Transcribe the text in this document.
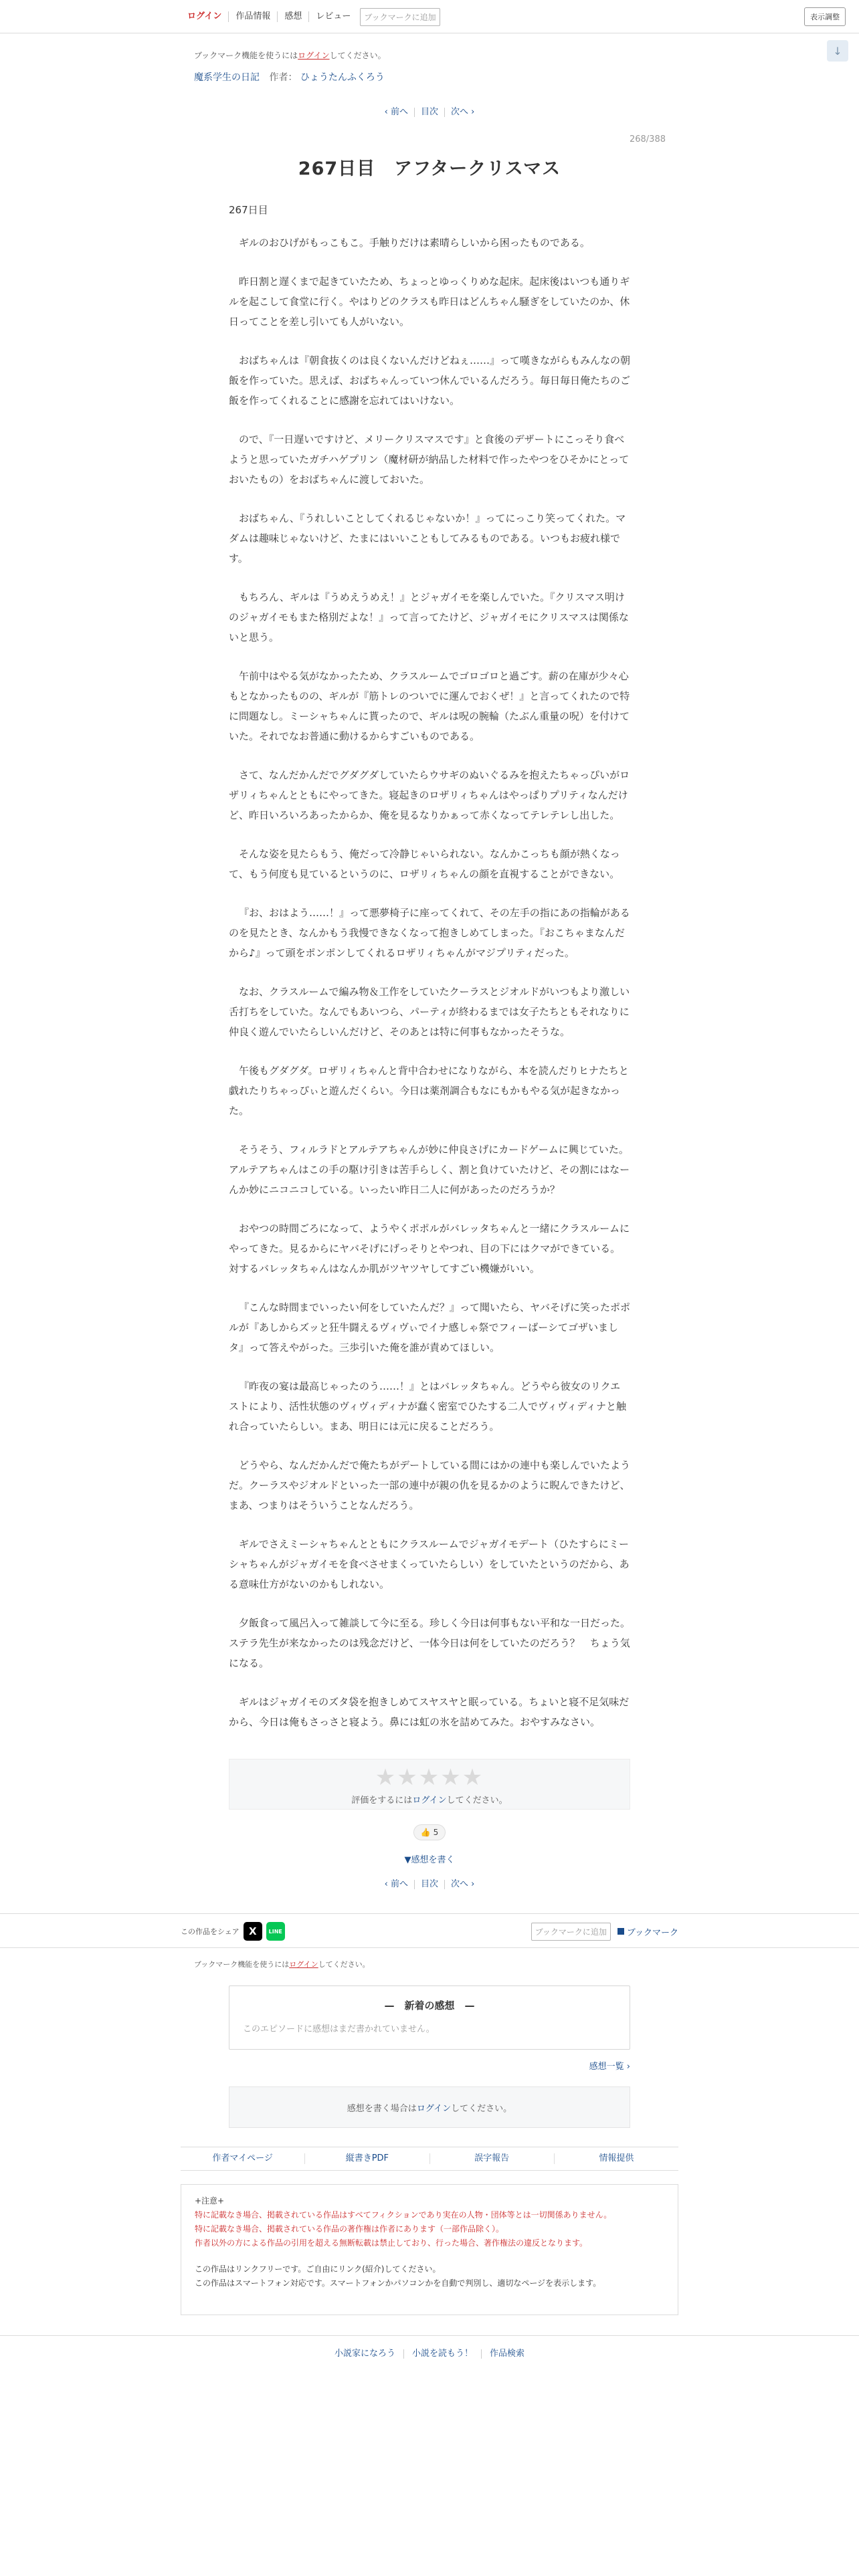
ログイン	作品情報	感想	レビュー	ブックマークに追加	表示調整
↓
ブックマーク機能を使うにはログインしてください。
魔系学生の日記 作者： ひょうたんふくろう
‹ 前へ	目次	次へ ›
268/388
267日目　アフタークリスマス
267日目

ギルのおひげがもっこもこ。手触りだけは素晴らしいから困ったものである。

昨日割と遅くまで起きていたため、ちょっとゆっくりめな起床。起床後はいつも通りギルを起こして食堂に行く。やはりどのクラスも昨日はどんちゃん騒ぎをしていたのか、休日ってことを差し引いても人がいない。

おばちゃんは『朝食抜くのは良くないんだけどねぇ……』って嘆きながらもみんなの朝飯を作っていた。思えば、おばちゃんっていつ休んでいるんだろう。毎日毎日俺たちのご飯を作ってくれることに感謝を忘れてはいけない。

ので、『一日遅いですけど、メリークリスマスです』と食後のデザートにこっそり食べようと思っていたガチハゲプリン（魔材研が納品した材料で作ったやつをひそかにとっておいたもの）をおばちゃんに渡しておいた。

おばちゃん、『うれしいことしてくれるじゃないか！』ってにっこり笑ってくれた。マダムは趣味じゃないけど、たまにはいいこともしてみるものである。いつもお疲れ様です。

もちろん、ギルは『うめえうめえ！』とジャガイモを楽しんでいた。『クリスマス明けのジャガイモもまた格別だよな！』って言ってたけど、ジャガイモにクリスマスは関係ないと思う。

午前中はやる気がなかったため、クラスルームでゴロゴロと過ごす。薪の在庫が少々心もとなかったものの、ギルが『筋トレのついでに運んでおくぜ！』と言ってくれたので特に問題なし。ミーシャちゃんに貰ったので、ギルは呪の腕輪（たぶん重量の呪）を付けていた。それでなお普通に動けるからすごいものである。

さて、なんだかんだでグダグダしていたらウサギのぬいぐるみを抱えたちゃっぴいがロザリィちゃんとともにやってきた。寝起きのロザリィちゃんはやっぱりプリティなんだけど、昨日いろいろあったからか、俺を見るなりかぁって赤くなってテレテレし出した。

そんな姿を見たらもう、俺だって冷静じゃいられない。なんかこっちも顔が熱くなって、もう何度も見ているというのに、ロザリィちゃんの顔を直視することができない。

『お、おはよう……！』って悪夢椅子に座ってくれて、その左手の指にあの指輪があるのを見たとき、なんかもう我慢できなくなって抱きしめてしまった。『おこちゃまなんだから♪』って頭をポンポンしてくれるロザリィちゃんがマジプリティだった。

なお、クラスルームで編み物＆工作をしていたクーラスとジオルドがいつもより激しい舌打ちをしていた。なんでもあいつら、パーティが終わるまでは女子たちともそれなりに仲良く遊んでいたらしいんだけど、そのあとは特に何事もなかったそうな。

午後もグダグダ。ロザリィちゃんと背中合わせになりながら、本を読んだりヒナたちと戯れたりちゃっぴぃと遊んだくらい。今日は薬剤調合もなにもかもやる気が起きなかった。

そうそう、フィルラドとアルテアちゃんが妙に仲良さげにカードゲームに興じていた。アルテアちゃんはこの手の駆け引きは苦手らしく、割と負けていたけど、その割にはなーんか妙にニコニコしている。いったい昨日二人に何があったのだろうか？

おやつの時間ごろになって、ようやくポポルがバレッタちゃんと一緒にクラスルームにやってきた。見るからにヤバそげにげっそりとやつれ、目の下にはクマができている。対するバレッタちゃんはなんか肌がツヤツヤしてすごい機嫌がいい。

『こんな時間までいったい何をしていたんだ？』って聞いたら、ヤバそげに笑ったポポルが『あしからズッと狂牛闘えるヴィヴぃでイナ感しゃ祭でフィーばーシてゴザいましタ』って答えやがった。三歩引いた俺を誰が責めてほしい。

『昨夜の宴は最高じゃったのう……！』とはバレッタちゃん。どうやら彼女のリクエストにより、活性状態のヴィヴィディナが蠢く密室でひたする二人でヴィヴィディナと触れ合っていたらしい。まあ、明日には元に戻ることだろう。

どうやら、なんだかんだで俺たちがデートしている間にはかの連中も楽しんでいたようだ。クーラスやジオルドといった一部の連中が親の仇を見るかのように睨んできたけど、まあ、つまりはそういうことなんだろう。

ギルでさえミーシャちゃんとともにクラスルームでジャガイモデート（ひたすらにミーシャちゃんがジャガイモを食べさせまくっていたらしい）をしていたというのだから、ある意味仕方がないのかもしれない。

夕飯食って風呂入って雑談して今に至る。珍しく今日は何事もない平和な一日だった。ステラ先生が来なかったのは残念だけど、一体今日は何をしていたのだろう？　ちょう気になる。

ギルはジャガイモのズタ袋を抱きしめてスヤスヤと眠っている。ちょいと寝不足気味だから、今日は俺もさっさと寝よう。鼻には虹の氷を詰めてみた。おやすみなさい。

★★★★★
評価をするにはログインしてください。
👍 5
▼感想を書く
‹ 前へ	目次	次へ ›
この作品をシェア X	LINE	ブックマークに追加	ブックマーク
ブックマーク機能を使うにはログインしてください。
—　新着の感想　—
このエピソードに感想はまだ書かれていません。
感想一覧 ›
感想を書く場合は ログイン してください。
作者マイページ	縦書きPDF	誤字報告	情報提供
+注意+
特に記載なき場合、掲載されている作品はすべてフィクションであり実在の人物・団体等とは一切関係ありません。
特に記載なき場合、掲載されている作品の著作権は作者にあります（一部作品除く）。
作者以外の方による作品の引用を超える無断転載は禁止しており、行った場合、著作権法の違反となります。
この作品はリンクフリーです。ご自由にリンク(紹介)してください。
この作品はスマートフォン対応です。スマートフォンかパソコンかを自動で判別し、適切なページを表示します。
小説家になろう	小説を読もう！	作品検索
